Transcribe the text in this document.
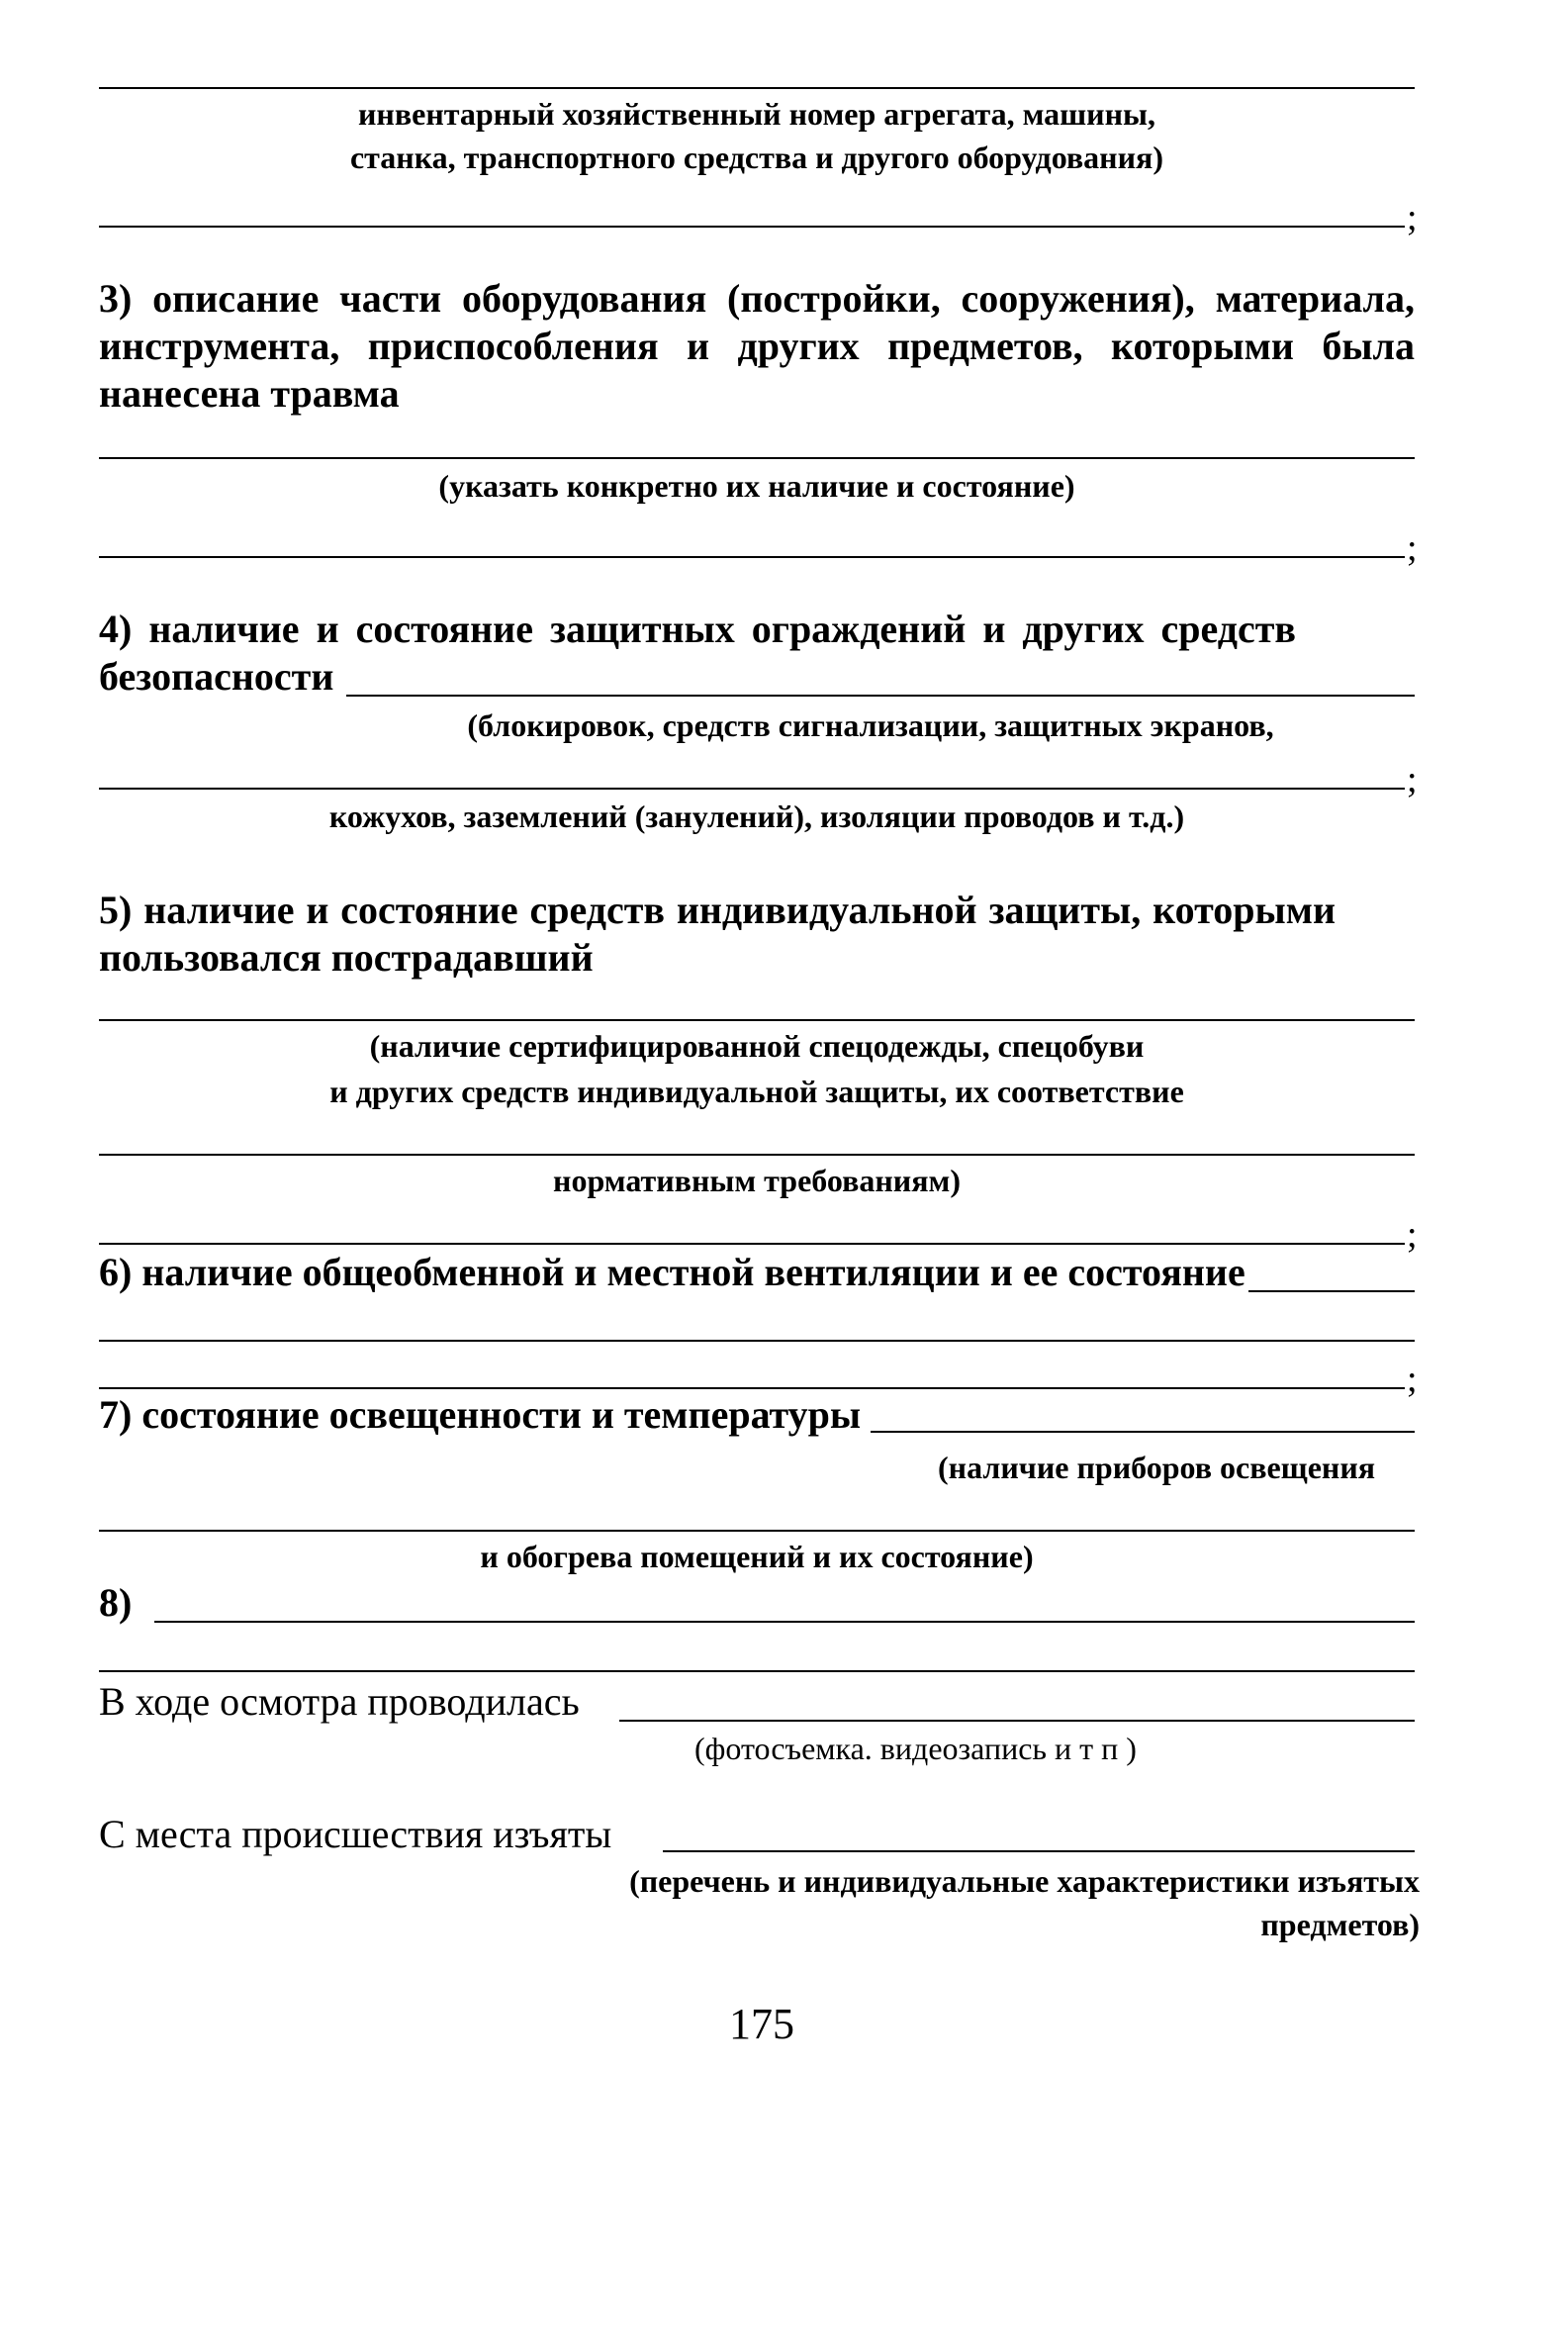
инвентарный хозяйственный номер агрегата, машины,
станка, транспортного средства и другого оборудования)
;
3) описание части оборудования (постройки, сооружения), материала,
инструмента, приспособления и других предметов, которыми была
нанесена травма
(указать конкретно их наличие и состояние)
;
4) наличие и состояние защитных ограждений и других средств
безопасности
(блокировок, средств сигнализации, защитных экранов,
;
кожухов, заземлений (занулений), изоляции проводов и т.д.)
5) наличие и состояние средств индивидуальной защиты, которыми
пользовался пострадавший
(наличие сертифицированной спецодежды, спецобуви
и других средств индивидуальной защиты, их соответствие
нормативным требованиям)
;
6) наличие общеобменной и местной вентиляции и ее состояние
;
7) состояние освещенности и температуры
(наличие приборов освещения
и обогрева помещений и их состояние)
8)
В ходе осмотра проводилась
(фотосъемка. видеозапись и т п )
С места происшествия изъяты
(перечень и индивидуальные характеристики изъятых
предметов)
175
